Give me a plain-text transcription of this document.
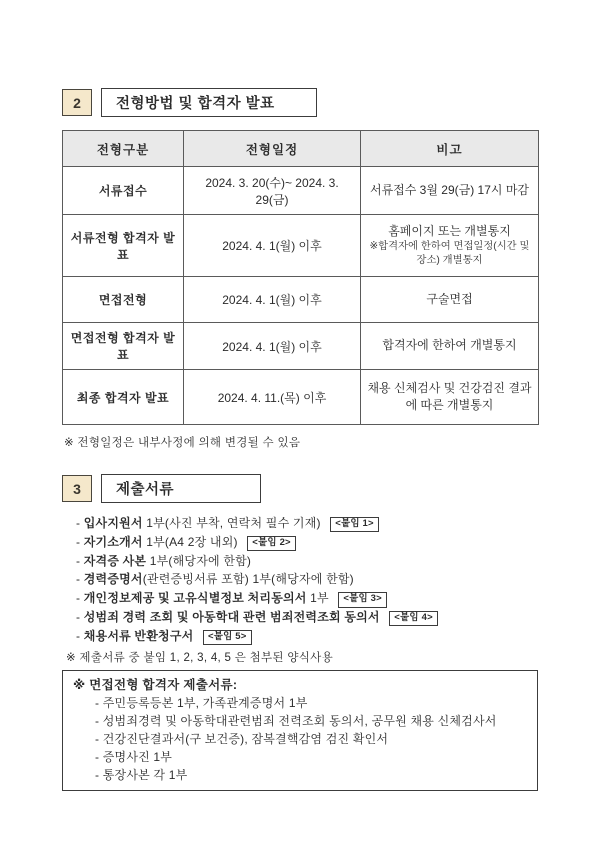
2	전형방법 및 합격자 발표
전형구분	전형일정	비고
서류접수	2024. 3. 20(수)~ 2024. 3. 29(금)	서류접수 3월 29(금) 17시 마감

서류전형 합격자 발표	2024. 4. 1(월) 이후	홈페이지 또는 개별통지
※합격자에 한하여 면접일정(시간 및 장소) 개별통지

면접전형	2024. 4. 1(월) 이후	구술면접

면접전형 합격자 발표	2024. 4. 1(월) 이후	합격자에 한하여 개별통지

최종 합격자 발표	2024. 4. 11.(목) 이후	채용 신체검사 및 건강검진 결과에 따른 개별통지
※ 전형일정은 내부사정에 의해 변경될 수 있음
3	제출서류
- 입사지원서 1부(사진 부착, 연락처 필수 기재) <붙임 1>
- 자기소개서 1부(A4 2장 내외) <붙임 2>
- 자격증 사본 1부(해당자에 한함)
- 경력증명서(관련증빙서류 포함) 1부(해당자에 한함)
- 개인정보제공 및 고유식별정보 처리동의서 1부 <붙임 3>
- 성범죄 경력 조회 및 아동학대 관련 범죄전력조회 동의서 <붙임 4>
- 채용서류 반환청구서 <붙임 5>
※ 제출서류 중 붙임 1, 2, 3, 4, 5 은 첨부된 양식사용
※ 면접전형 합격자 제출서류:
- 주민등록등본 1부, 가족관계증명서 1부
- 성범죄경력 및 아동학대관련범죄 전력조회 동의서, 공무원 채용 신체검사서
- 건강진단결과서(구 보건증), 잠복결핵감염 검진 확인서
- 증명사진 1부
- 통장사본 각 1부
